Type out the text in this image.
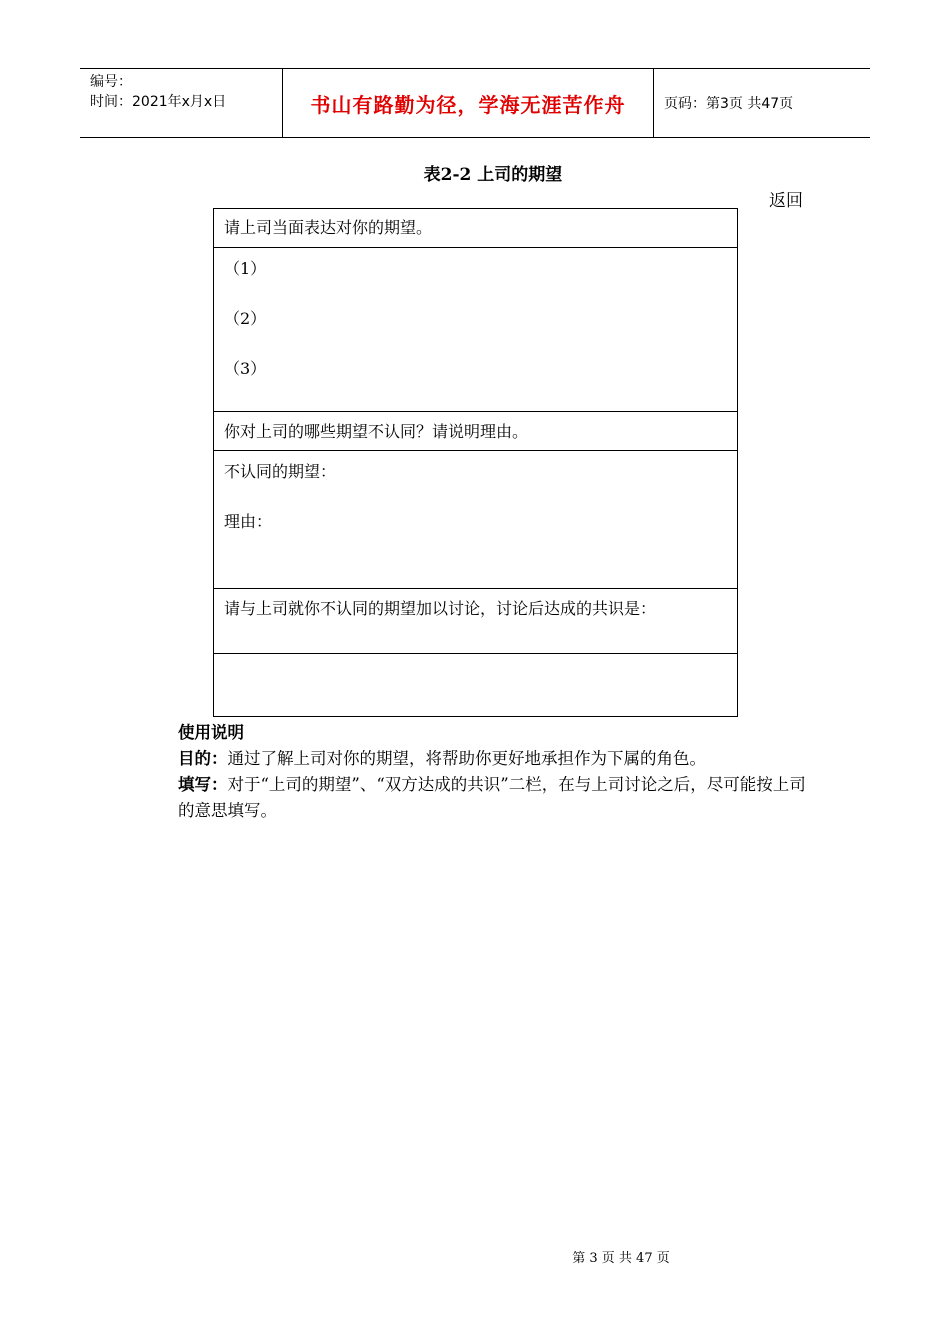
编号：
时间：2021年x月x日	书山有路勤为径，学海无涯苦作舟	页码：第3页 共47页
表2-2 上司的期望
返回
请上司当面表达对你的期望。
（1）
（2）
（3）
你对上司的哪些期望不认同？请说明理由。
不认同的期望：
理由：
请与上司就你不认同的期望加以讨论，讨论后达成的共识是：

使用说明

目的：通过了解上司对你的期望，将帮助你更好地承担作为下属的角色。

填写：对于“上司的期望”、“双方达成的共识”二栏，在与上司讨论之后，尽可能按上司的意思填写。

第 3 页 共 47 页
